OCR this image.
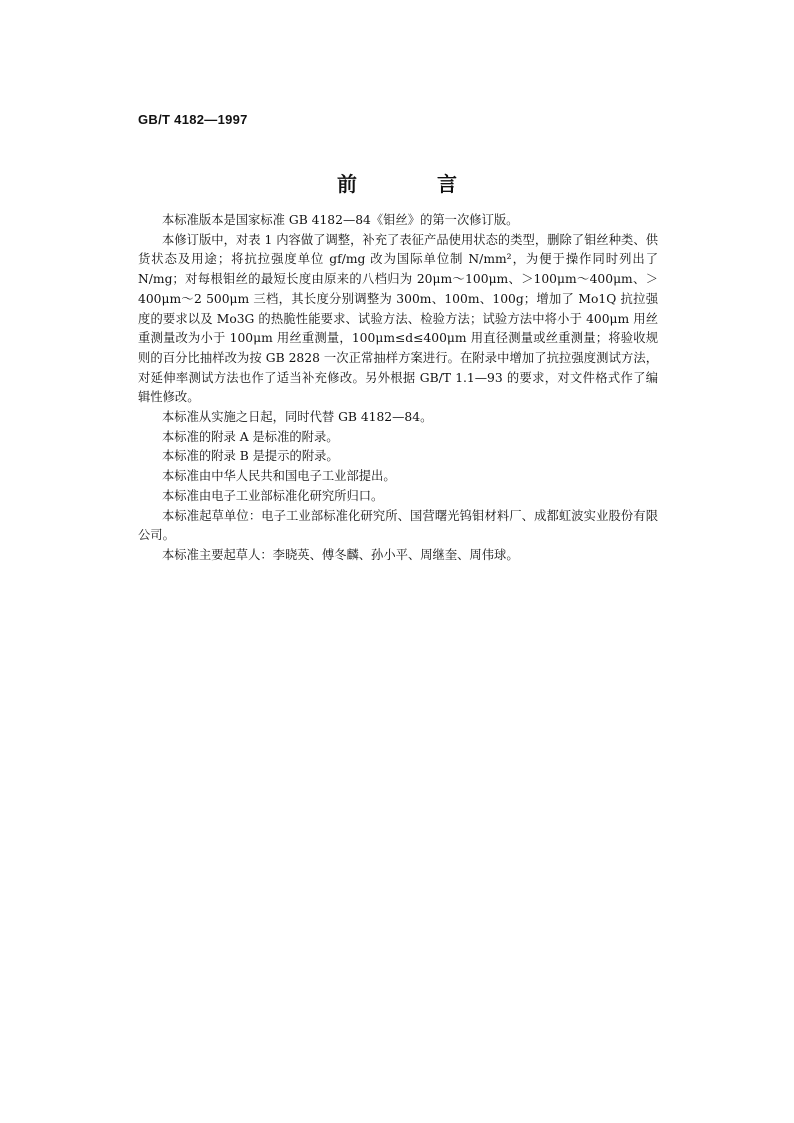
GB/T 4182—1997
前　言

本标准版本是国家标准 GB 4182—84《钼丝》的第一次修订版。

本修订版中，对表 1 内容做了调整，补充了表征产品使用状态的类型，删除了钼丝种类、供货状态及用途；将抗拉强度单位 gf/mg 改为国际单位制 N/mm²，为便于操作同时列出了 N/mg；对每根钼丝的最短长度由原来的八档归为 20μm～100μm、＞100μm～400μm、＞400μm～2 500μm 三档，其长度分别调整为 300m、100m、100g；增加了 Mo1Q 抗拉强度的要求以及 Mo3G 的热脆性能要求、试验方法、检验方法；试验方法中将小于 400μm 用丝重测量改为小于 100μm 用丝重测量，100μm≤d≤400μm 用直径测量或丝重测量；将验收规则的百分比抽样改为按 GB 2828 一次正常抽样方案进行。在附录中增加了抗拉强度测试方法，对延伸率测试方法也作了适当补充修改。另外根据 GB/T 1.1—93 的要求，对文件格式作了编辑性修改。

本标准从实施之日起，同时代替 GB 4182—84。

本标准的附录 A 是标准的附录。

本标准的附录 B 是提示的附录。

本标准由中华人民共和国电子工业部提出。

本标准由电子工业部标准化研究所归口。

本标准起草单位：电子工业部标准化研究所、国营曙光钨钼材料厂、成都虹波实业股份有限公司。

本标准主要起草人：李晓英、傅冬麟、孙小平、周继奎、周伟球。
